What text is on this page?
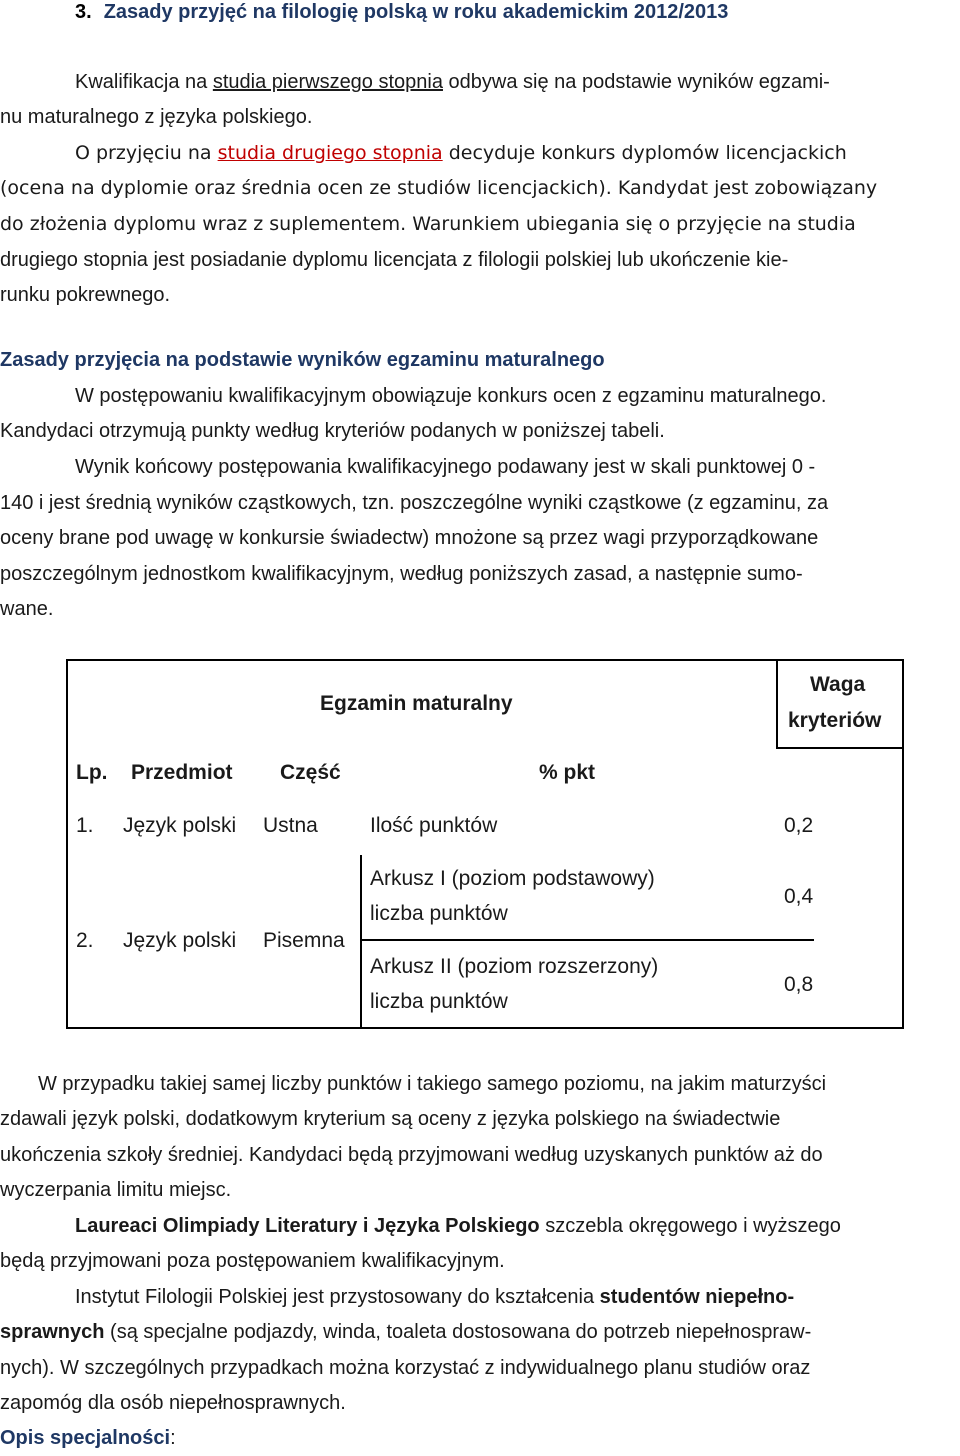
3. Zasady przyjęć na filologię polską w roku akademickim 2012/2013
Kwalifikacja na studia pierwszego stopnia odbywa się na podstawie wyników egzami-
nu maturalnego z języka polskiego.
O przyjęciu na studia drugiego stopnia decyduje konkurs dyplomów licencjackich
(ocena na dyplomie oraz średnia ocen ze studiów licencjackich). Kandydat jest zobowiązany
do złożenia dyplomu wraz z suplementem. Warunkiem ubiegania się o przyjęcie na studia
drugiego stopnia jest posiadanie dyplomu licencjata z filologii polskiej lub ukończenie kie-
runku pokrewnego.
Zasady przyjęcia na podstawie wyników egzaminu maturalnego
W postępowaniu kwalifikacyjnym obowiązuje konkurs ocen z egzaminu maturalnego.
Kandydaci otrzymują punkty według kryteriów podanych w poniższej tabeli.
Wynik końcowy postępowania kwalifikacyjnego podawany jest w skali punktowej 0 -
140 i jest średnią wyników cząstkowych, tzn. poszczególne wyniki cząstkowe (z egzaminu, za
oceny brane pod uwagę w konkursie świadectw) mnożone są przez wagi przyporządkowane
poszczególnym jednostkom kwalifikacyjnym, według poniższych zasad, a następnie sumo-
wane.
Egzamin maturalny
Waga
kryteriów
Lp. Przedmiot Część	% pkt
1. Język polski Ustna Ilość punktów	0,2
2. Język polski Pisemna
Arkusz I (poziom podstawowy)
liczba punktów
0,4
Arkusz II (poziom rozszerzony)
liczba punktów
0,8
W przypadku takiej samej liczby punktów i takiego samego poziomu, na jakim maturzyści
zdawali język polski, dodatkowym kryterium są oceny z języka polskiego na świadectwie
ukończenia szkoły średniej. Kandydaci będą przyjmowani według uzyskanych punktów aż do
wyczerpania limitu miejsc.
Laureaci Olimpiady Literatury i Języka Polskiego szczebla okręgowego i wyższego
będą przyjmowani poza postępowaniem kwalifikacyjnym.
Instytut Filologii Polskiej jest przystosowany do kształcenia studentów niepełno-
sprawnych (są specjalne podjazdy, winda, toaleta dostosowana do potrzeb niepełnospraw-
nych). W szczególnych przypadkach można korzystać z indywidualnego planu studiów oraz
zapomóg dla osób niepełnosprawnych.
Opis specjalności:
